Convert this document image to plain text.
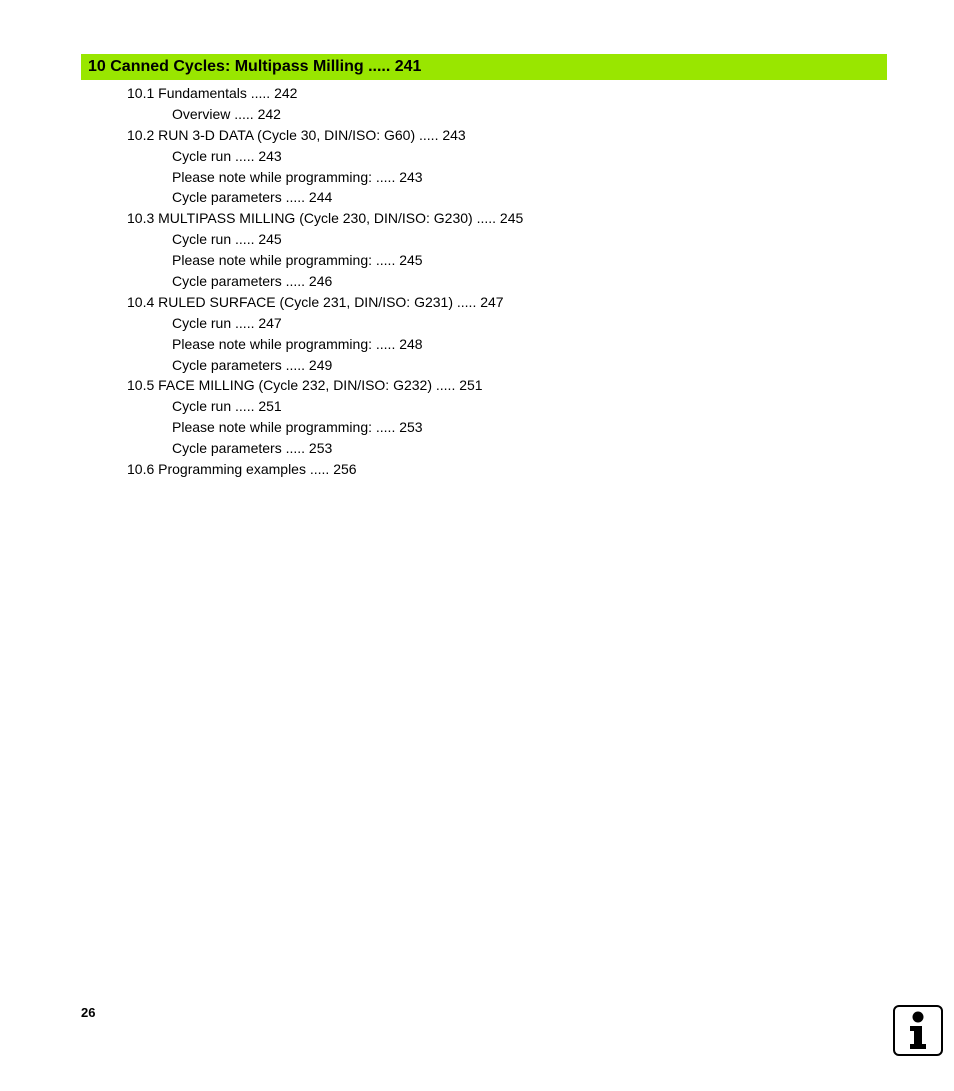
10 Canned Cycles: Multipass Milling ..... 241
10.1 Fundamentals ..... 242
Overview ..... 242
10.2 RUN 3-D DATA (Cycle 30, DIN/ISO: G60) ..... 243
Cycle run ..... 243
Please note while programming: ..... 243
Cycle parameters ..... 244
10.3 MULTIPASS MILLING (Cycle 230, DIN/ISO: G230) ..... 245
Cycle run ..... 245
Please note while programming: ..... 245
Cycle parameters ..... 246
10.4 RULED SURFACE (Cycle 231, DIN/ISO: G231) ..... 247
Cycle run ..... 247
Please note while programming: ..... 248
Cycle parameters ..... 249
10.5 FACE MILLING (Cycle 232, DIN/ISO: G232) ..... 251
Cycle run ..... 251
Please note while programming: ..... 253
Cycle parameters ..... 253
10.6 Programming examples ..... 256
26
